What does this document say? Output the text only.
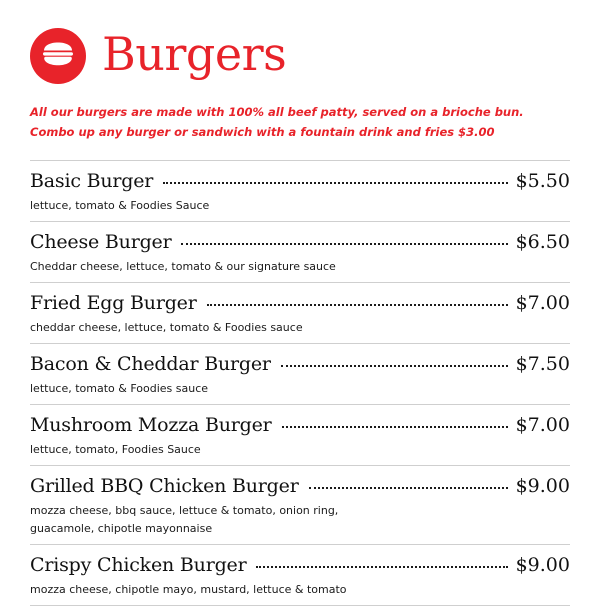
Burgers
All our burgers are made with 100% all beef patty, served on a brioche bun.
Combo up any burger or sandwich with a fountain drink and fries $3.00
Basic Burger	$5.50
lettuce, tomato & Foodies Sauce
Cheese Burger	$6.50
Cheddar cheese, lettuce, tomato & our signature sauce
Fried Egg Burger	$7.00
cheddar cheese, lettuce, tomato & Foodies sauce
Bacon & Cheddar Burger	$7.50
lettuce, tomato & Foodies sauce
Mushroom Mozza Burger	$7.00
lettuce, tomato, Foodies Sauce
Grilled BBQ Chicken Burger	$9.00
mozza cheese, bbq sauce, lettuce & tomato, onion ring,
guacamole, chipotle mayonnaise
Crispy Chicken Burger	$9.00
mozza cheese, chipotle mayo, mustard, lettuce & tomato
